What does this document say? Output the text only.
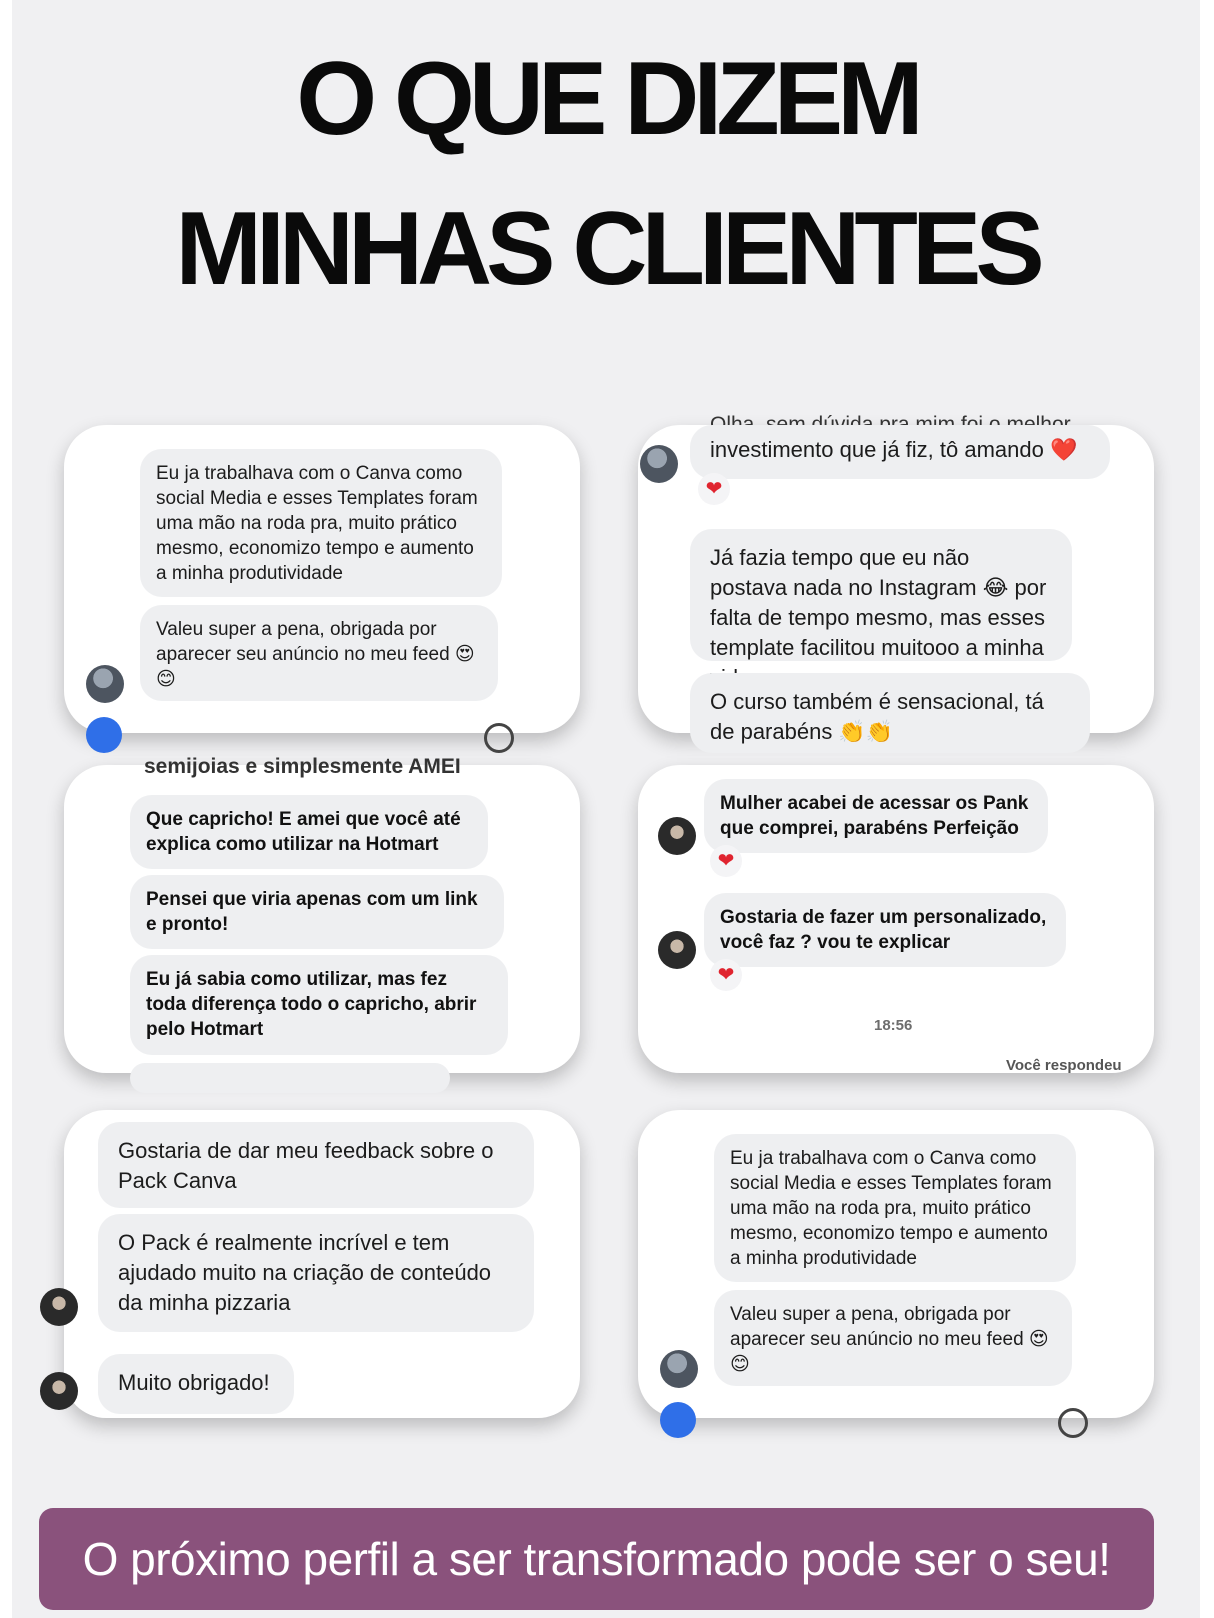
O QUE DIZEM
MINHAS CLIENTES
Eu ja trabalhava com o Canva como social Media e esses Templates foram uma mão na roda pra, muito prático mesmo, economizo tempo e aumento a minha produtividade
Valeu super a pena, obrigada por aparecer seu anúncio no meu feed 😍 😊
investimento que já fiz, tô amando ❤️
❤
Já fazia tempo que eu não postava nada no Instagram 😂 por falta de tempo mesmo, mas esses template facilitou muitooo a minha
O curso também é sensacional, tá de parabéns 👏👏
semijoias e simplesmente AMEI
Que capricho! E amei que você até explica como utilizar na Hotmart
Pensei que viria apenas com um link e pronto!
Eu já sabia como utilizar, mas fez toda diferença todo o capricho, abrir pelo Hotmart
Mulher acabei de acessar os Pank que comprei, parabéns Perfeição
❤
Gostaria de fazer um personalizado, você faz ? vou te explicar
❤
18:56
Você respondeu
Gostaria de dar meu feedback sobre o Pack Canva
O Pack é realmente incrível e tem ajudado muito na criação de conteúdo da minha pizzaria
Muito obrigado!
Eu ja trabalhava com o Canva como social Media e esses Templates foram uma mão na roda pra, muito prático mesmo, economizo tempo e aumento a minha produtividade
Valeu super a pena, obrigada por aparecer seu anúncio no meu feed 😍 😊
O próximo perfil a ser transformado pode ser o seu!
